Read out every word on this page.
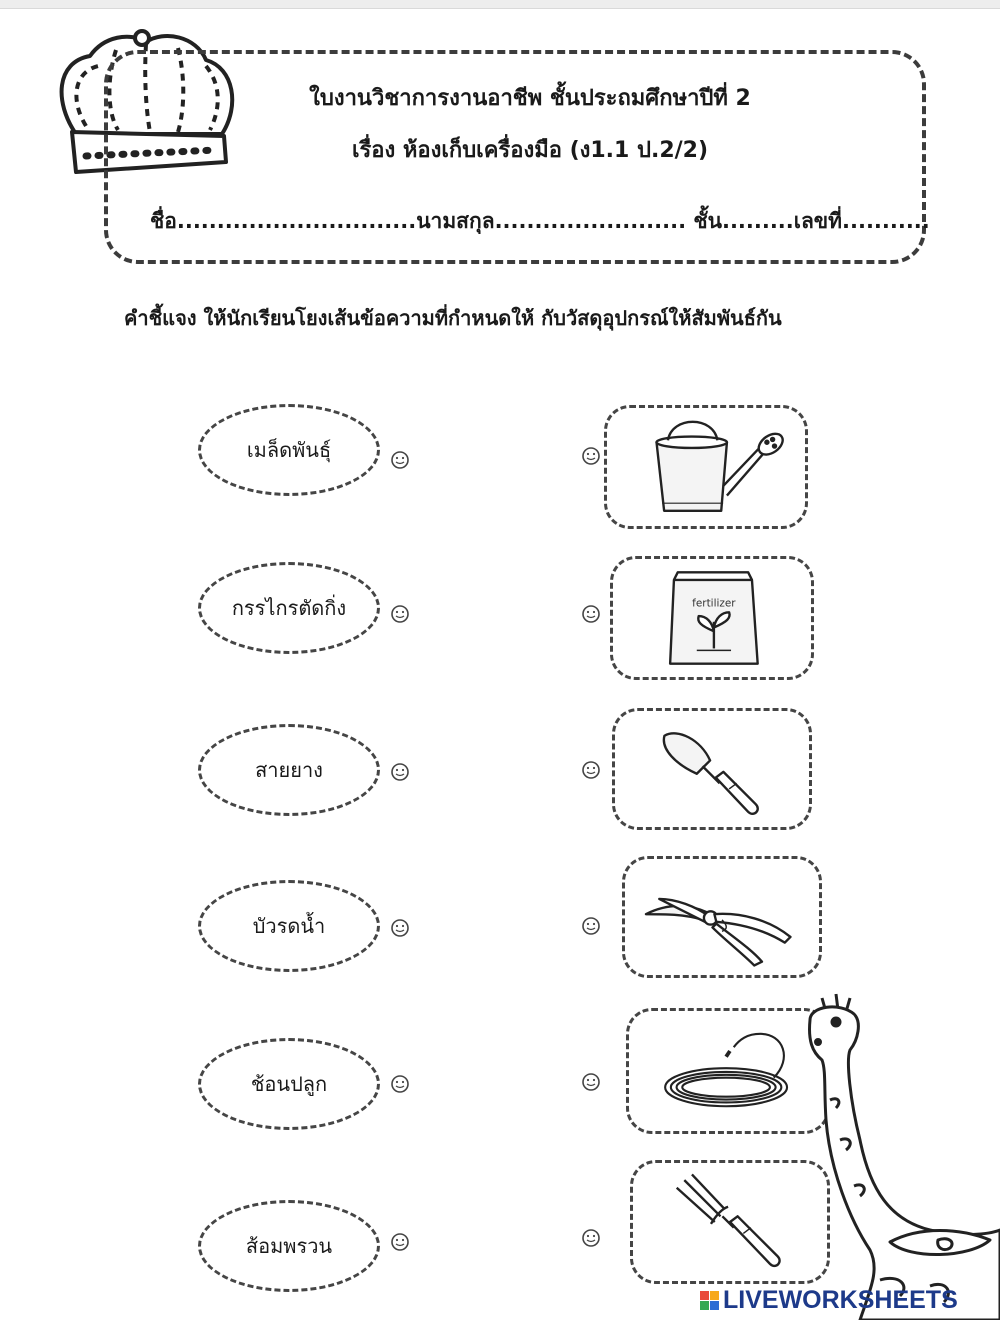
ใบงานวิชาการงานอาชีพ ชั้นประถมศึกษาปีที่ 2
เรื่อง ห้องเก็บเครื่องมือ (ง1.1 ป.2/2)
ชื่อ..............................นามสกุล........................ ชั้น.........เลขที่...........
คำชี้แจง ให้นักเรียนโยงเส้นข้อความที่กำหนดให้ กับวัสดุอุปกรณ์ให้สัมพันธ์กัน
เมล็ดพันธุ์
กรรไกรตัดกิ่ง
สายยาง
บัวรดน้ำ
ช้อนปลูก
ส้อมพรวน
fertilizer
LIVEWORKSHEETS
